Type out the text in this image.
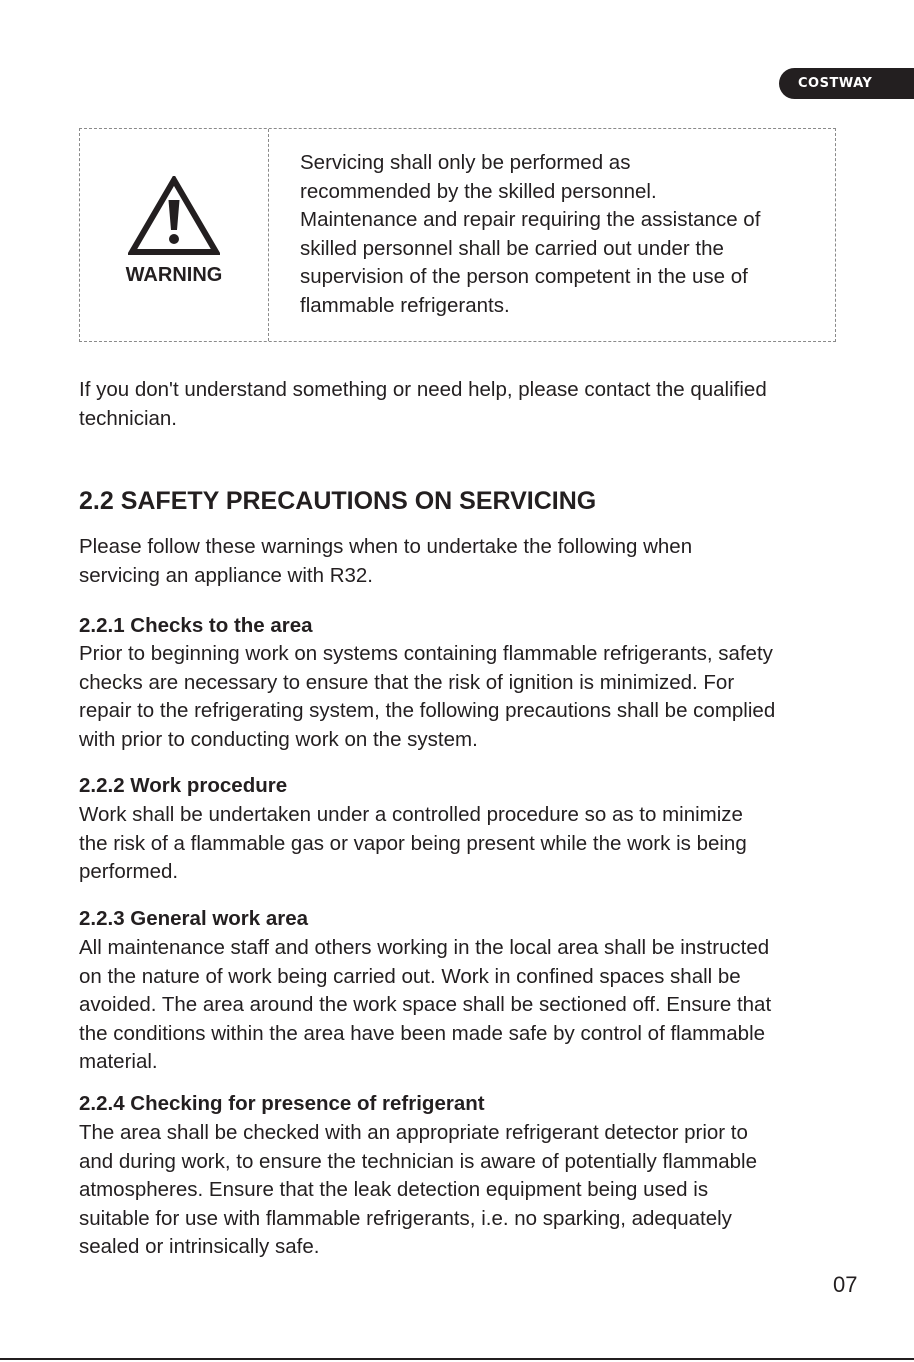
COSTWAY
WARNING

Servicing shall only be performed as
recommended by the skilled personnel.
Maintenance and repair requiring the assistance of
skilled personnel shall be carried out under the
supervision of the person competent in the use of
flammable refrigerants.

If you don't understand something or need help, please contact the qualified
technician.

2.2 SAFETY PRECAUTIONS ON SERVICING

Please follow these warnings when to undertake the following when
servicing an appliance with R32.

2.2.1 Checks to the area

Prior to beginning work on systems containing flammable refrigerants, safety
checks are necessary to ensure that the risk of ignition is minimized. For
repair to the refrigerating system, the following precautions shall be complied
with prior to conducting work on the system.

2.2.2 Work procedure

Work shall be undertaken under a controlled procedure so as to minimize
the risk of a flammable gas or vapor being present while the work is being
performed.

2.2.3 General work area

All maintenance staff and others working in the local area shall be instructed
on the nature of work being carried out. Work in confined spaces shall be
avoided. The area around the work space shall be sectioned off. Ensure that
the conditions within the area have been made safe by control of flammable
material.

2.2.4 Checking for presence of refrigerant

The area shall be checked with an appropriate refrigerant detector prior to
and during work, to ensure the technician is aware of potentially flammable
atmospheres. Ensure that the leak detection equipment being used is
suitable for use with flammable refrigerants, i.e. no sparking, adequately
sealed or intrinsically safe.

07
